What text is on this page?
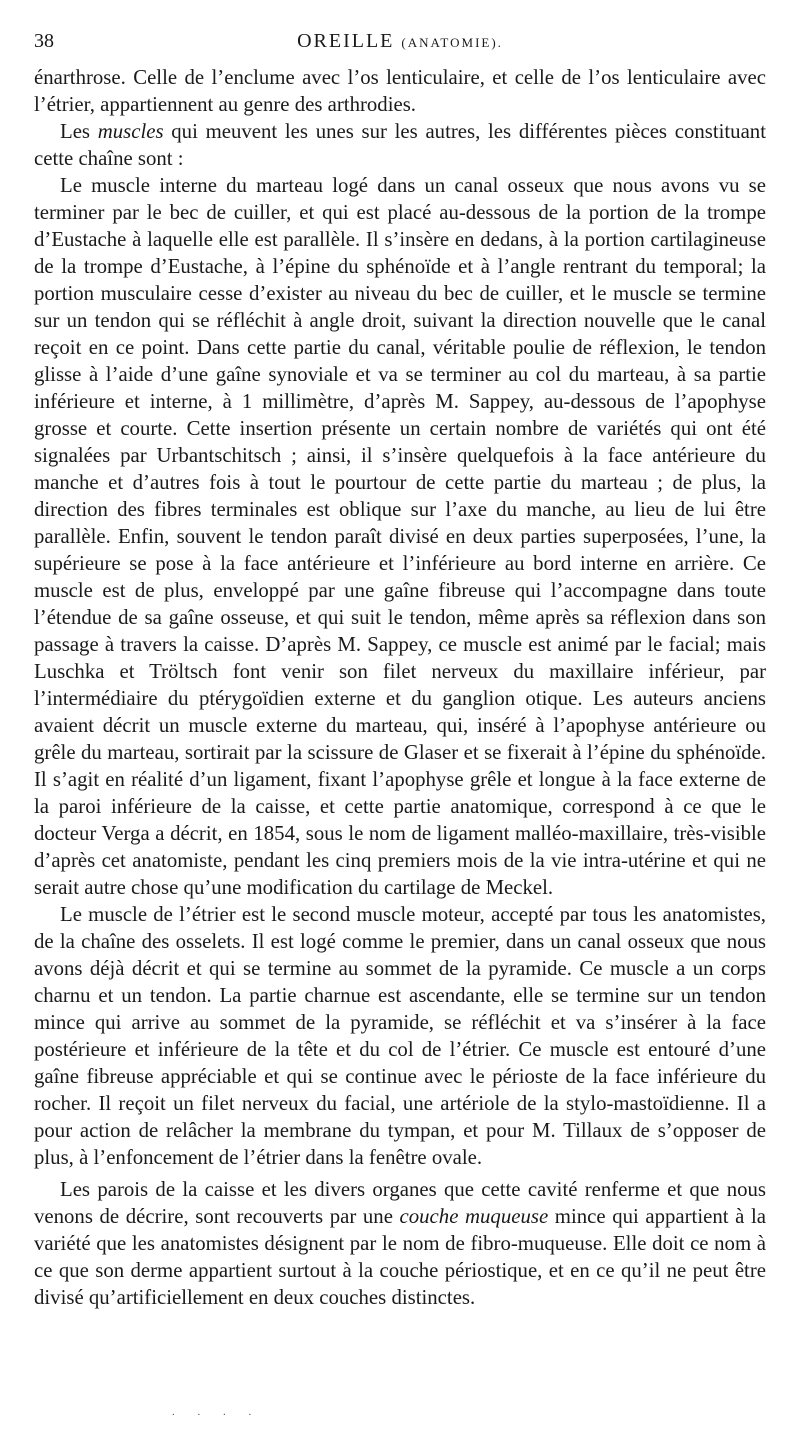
38	OREILLE (ANATOMIE).

énarthrose. Celle de l’enclume avec l’os lenticulaire, et celle de l’os lenticulaire avec l’étrier, appartiennent au genre des arthrodies.

Les muscles qui meuvent les unes sur les autres, les différentes pièces constituant cette chaîne sont :

Le muscle interne du marteau logé dans un canal osseux que nous avons vu se terminer par le bec de cuiller, et qui est placé au-dessous de la portion de la trompe d’Eustache à laquelle elle est parallèle. Il s’insère en dedans, à la portion cartilagineuse de la trompe d’Eustache, à l’épine du sphénoïde et à l’angle rentrant du temporal; la portion musculaire cesse d’exister au niveau du bec de cuiller, et le muscle se termine sur un tendon qui se réfléchit à angle droit, suivant la direction nouvelle que le canal reçoit en ce point. Dans cette partie du canal, véritable poulie de réflexion, le tendon glisse à l’aide d’une gaîne synoviale et va se terminer au col du marteau, à sa partie inférieure et interne, à 1 millimètre, d’après M. Sappey, au-dessous de l’apophyse grosse et courte. Cette insertion présente un certain nombre de variétés qui ont été signalées par Urbantschitsch ; ainsi, il s’insère quelquefois à la face antérieure du manche et d’autres fois à tout le pourtour de cette partie du marteau ; de plus, la direction des fibres terminales est oblique sur l’axe du manche, au lieu de lui être parallèle. Enfin, souvent le tendon paraît divisé en deux parties superposées, l’une, la supérieure se pose à la face antérieure et l’inférieure au bord interne en arrière. Ce muscle est de plus, enveloppé par une gaîne fibreuse qui l’accompagne dans toute l’étendue de sa gaîne osseuse, et qui suit le tendon, même après sa réflexion dans son passage à travers la caisse. D’après M. Sappey, ce muscle est animé par le facial; mais Luschka et Tröltsch font venir son filet nerveux du maxillaire inférieur, par l’intermédiaire du ptérygoïdien externe et du ganglion otique. Les auteurs anciens avaient décrit un muscle externe du marteau, qui, inséré à l’apophyse antérieure ou grêle du marteau, sortirait par la scissure de Glaser et se fixerait à l’épine du sphénoïde. Il s’agit en réalité d’un ligament, fixant l’apophyse grêle et longue à la face externe de la paroi inférieure de la caisse, et cette partie anatomique, correspond à ce que le docteur Verga a décrit, en 1854, sous le nom de ligament malléo-maxillaire, très-visible d’après cet anatomiste, pendant les cinq premiers mois de la vie intra-utérine et qui ne serait autre chose qu’une modification du cartilage de Meckel.

Le muscle de l’étrier est le second muscle moteur, accepté par tous les anatomistes, de la chaîne des osselets. Il est logé comme le premier, dans un canal osseux que nous avons déjà décrit et qui se termine au sommet de la pyramide. Ce muscle a un corps charnu et un tendon. La partie charnue est ascendante, elle se termine sur un tendon mince qui arrive au sommet de la pyramide, se réfléchit et va s’insérer à la face postérieure et inférieure de la tête et du col de l’étrier. Ce muscle est entouré d’une gaîne fibreuse appréciable et qui se continue avec le périoste de la face inférieure du rocher. Il reçoit un filet nerveux du facial, une artériole de la stylo-mastoïdienne. Il a pour action de relâcher la membrane du tympan, et pour M. Tillaux de s’opposer de plus, à l’enfoncement de l’étrier dans la fenêtre ovale.

Les parois de la caisse et les divers organes que cette cavité renferme et que nous venons de décrire, sont recouverts par une couche muqueuse mince qui appartient à la variété que les anatomistes désignent par le nom de fibro-muqueuse. Elle doit ce nom à ce que son derme appartient surtout à la couche périostique, et en ce qu’il ne peut être divisé qu’artificiellement en deux couches distinctes.

. . . .
